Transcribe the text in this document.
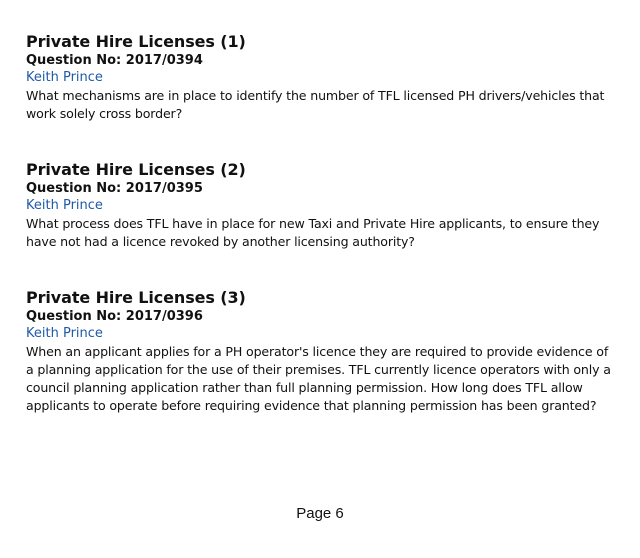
Private Hire Licenses (1)

Question No: 2017/0394

Keith Prince

What mechanisms are in place to identify the number of TFL licensed PH drivers/vehicles that work solely cross border?

Private Hire Licenses (2)

Question No: 2017/0395

Keith Prince

What process does TFL have in place for new Taxi and Private Hire applicants, to ensure they have not had a licence revoked by another licensing authority?

Private Hire Licenses (3)

Question No: 2017/0396

Keith Prince

When an applicant applies for a PH operator's licence they are required to provide evidence of a planning application for the use of their premises. TFL currently licence operators with only a council planning application rather than full planning permission. How long does TFL allow applicants to operate before requiring evidence that planning permission has been granted?

Page 6
